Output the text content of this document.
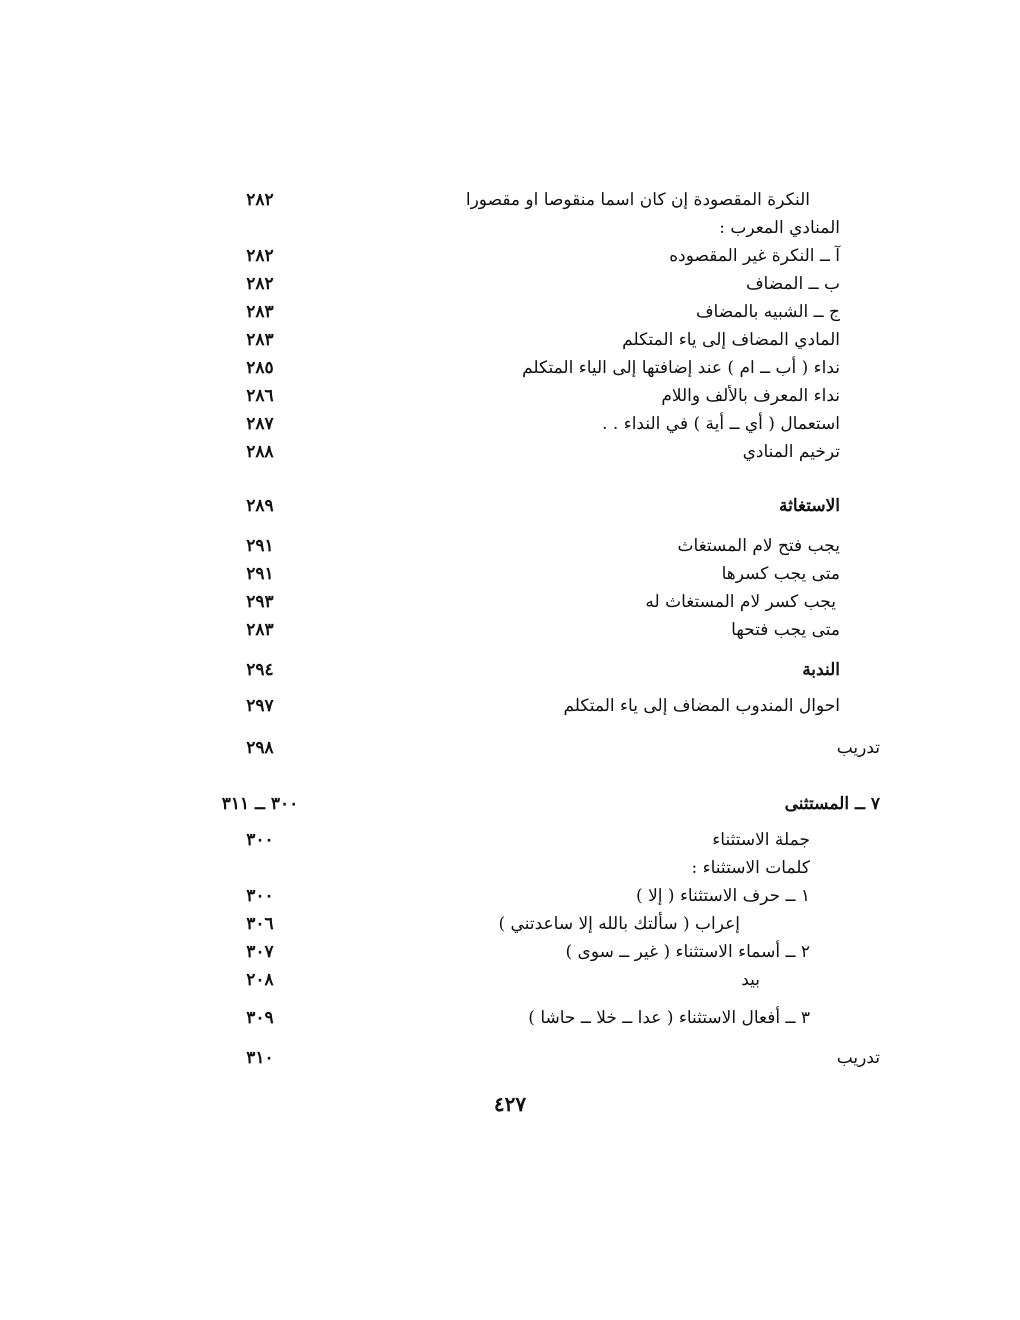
٢٨٢	النكرة المقصودة إن كان اسما منقوصا او مقصورا
المنادي المعرب :
٢٨٢	آ ــ النكرة غير المقصوده
٢٨٢	ب ــ المضاف
٢٨٣	ج ــ الشبيه بالمضاف
٢٨٣	المادي المضاف إلى ياء المتكلم
٢٨٥	نداء ( أب ــ ام ) عند إضافتها إلى الياء المتكلم
٢٨٦	نداء المعرف بالألف واللام
٢٨٧	استعمال ( أي ــ أية ) في النداء . .
٢٨٨	ترخيم المنادي
٢٨٩	الاستغاثة
٢٩١	يجب فتح لام المستغاث
٢٩١	متى يجب كسرها
٢٩٣	يجب كسر لام المستغاث له
٢٨٣	متى يجب فتحها
٢٩٤	الندبة
٢٩٧	احوال المندوب المضاف إلى ياء المتكلم
٢٩٨	تدريب
٣٠٠ ــ ٣١١	٧ ــ المستثنى
٣٠٠	جملة الاستثناء
كلمات الاستثناء :
٣٠٠	١ ــ حرف الاستثناء ( إلا )
٣٠٦	إعراب ( سألتك بالله إلا ساعدتني )
٣٠٧	٢ ــ أسماء الاستثناء ( غير ــ سوى )
٢٠٨	بيد
٣٠٩	٣ ــ أفعال الاستثناء ( عدا ــ خلا ــ حاشا )
٣١٠	تدريب
٤٢٧
